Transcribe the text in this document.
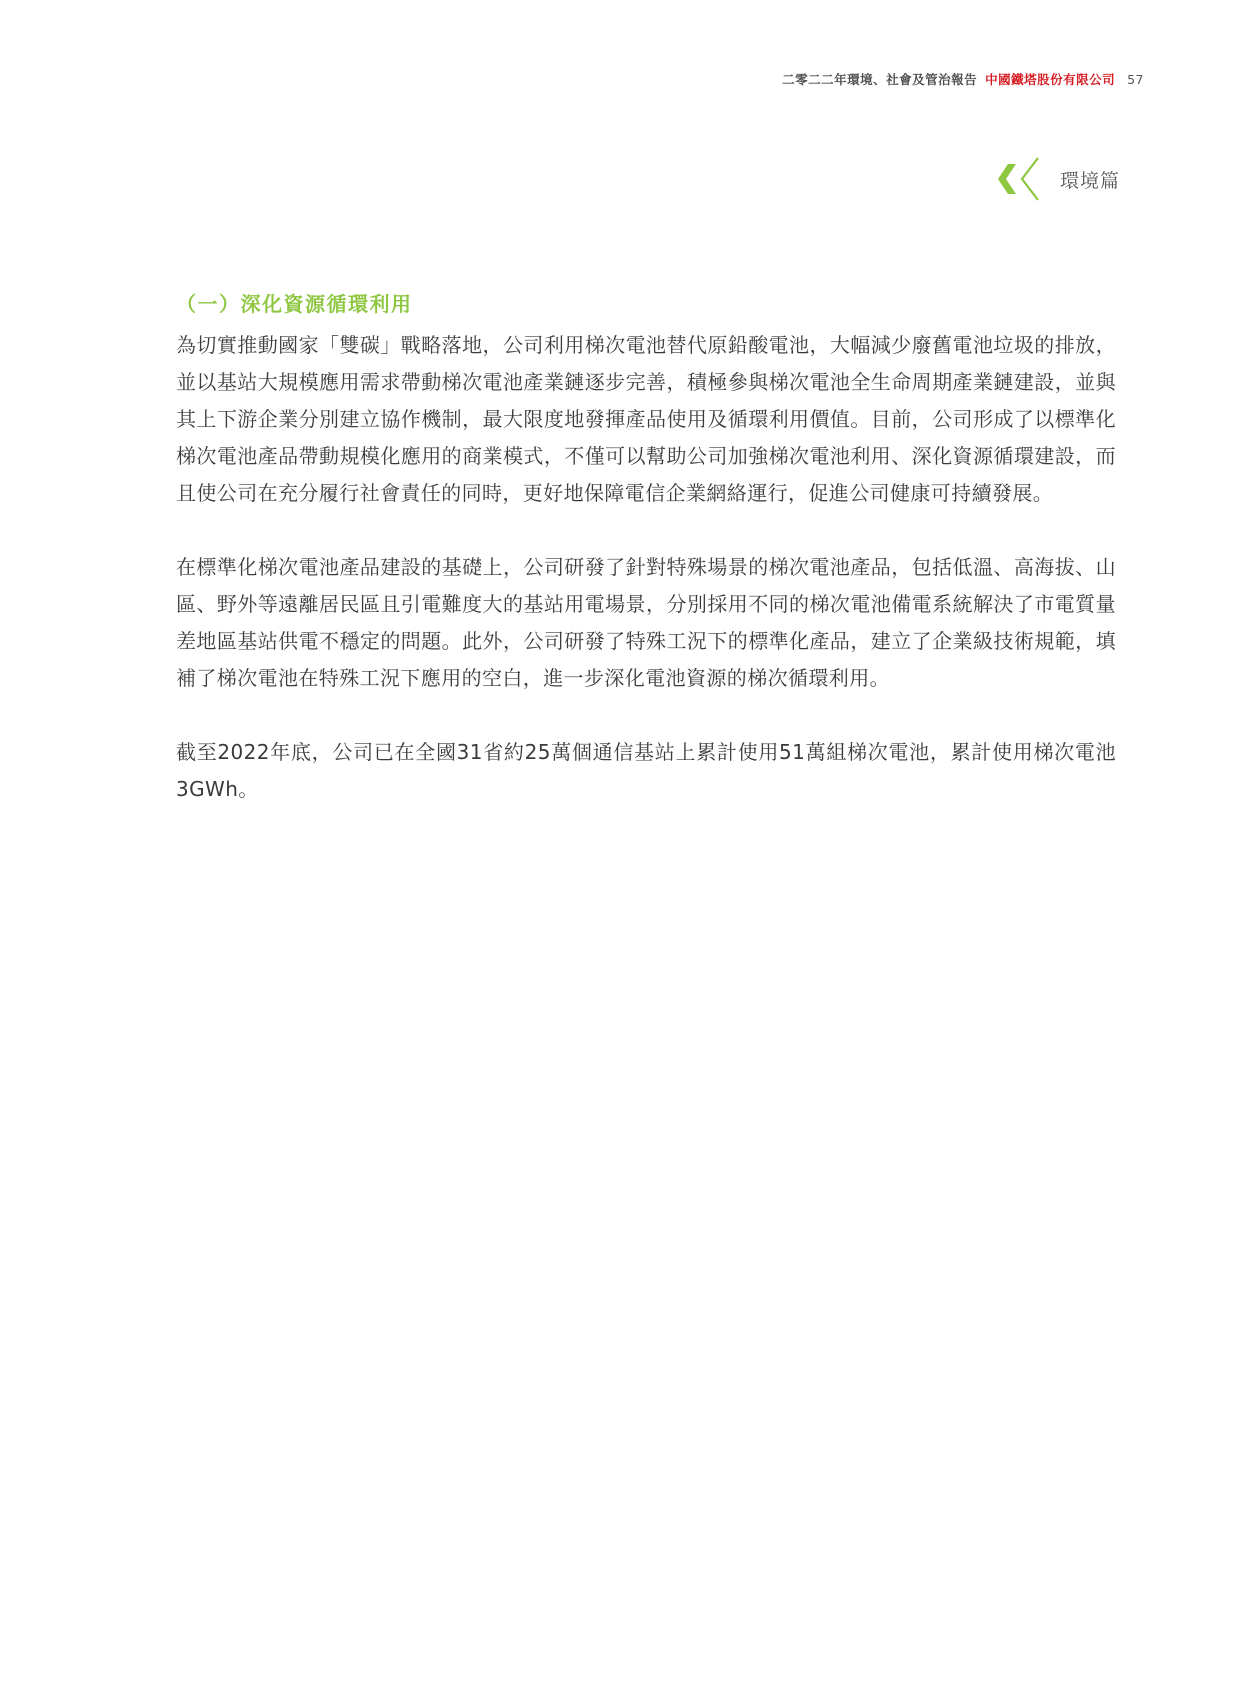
二零二二年環境、社會及管治報告 中國鐵塔股份有限公司 57
環境篇
（一）深化資源循環利用

為切實推動國家「雙碳」戰略落地，公司利用梯次電池替代原鉛酸電池，大幅減少廢舊電池垃圾的排放，並以基站大規模應用需求帶動梯次電池產業鏈逐步完善，積極參與梯次電池全生命周期產業鏈建設，並與其上下游企業分別建立協作機制，最大限度地發揮產品使用及循環利用價值。目前，公司形成了以標準化梯次電池產品帶動規模化應用的商業模式，不僅可以幫助公司加強梯次電池利用、深化資源循環建設，而且使公司在充分履行社會責任的同時，更好地保障電信企業網絡運行，促進公司健康可持續發展。

在標準化梯次電池產品建設的基礎上，公司研發了針對特殊場景的梯次電池產品，包括低溫、高海拔、山區、野外等遠離居民區且引電難度大的基站用電場景，分別採用不同的梯次電池備電系統解決了市電質量差地區基站供電不穩定的問題。此外，公司研發了特殊工況下的標準化產品，建立了企業級技術規範，填補了梯次電池在特殊工況下應用的空白，進一步深化電池資源的梯次循環利用。

截至2022年底，公司已在全國31省約25萬個通信基站上累計使用51萬組梯次電池，累計使用梯次電池3GWh。
